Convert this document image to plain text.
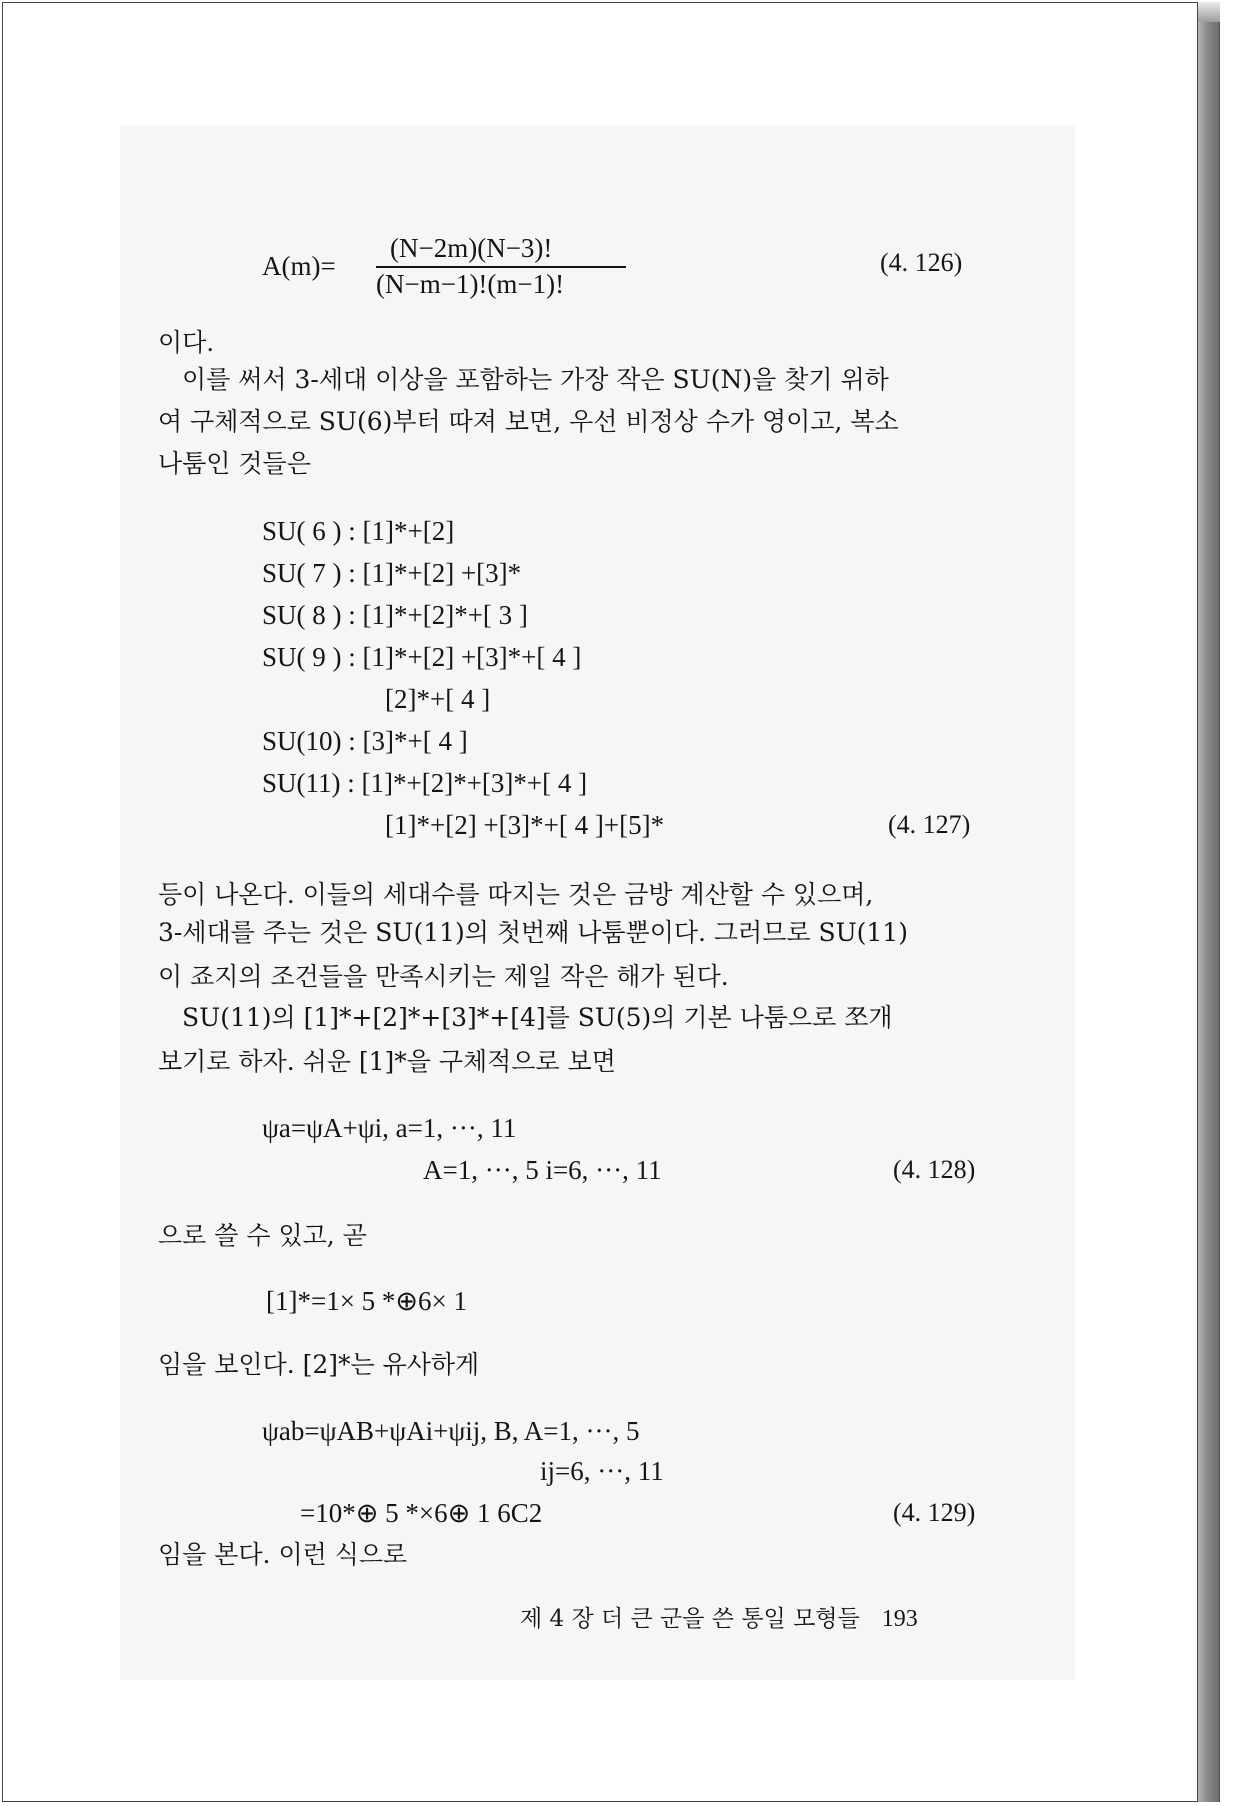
A(m)=
(N−2m)(N−3)!
(N−m−1)!(m−1)!
(4. 126)
이다.
이를 써서 3-세대 이상을 포함하는 가장 작은 SU(N)을 찾기 위하
여 구체적으로 SU(6)부터 따져 보면, 우선 비정상 수가 영이고, 복소
나툼인 것들은
SU( 6 ) : [1]*+[2]
SU( 7 ) : [1]*+[2] +[3]*
SU( 8 ) : [1]*+[2]*+[ 3 ]
SU( 9 ) : [1]*+[2] +[3]*+[ 4 ]
[2]*+[ 4 ]
SU(10) : [3]*+[ 4 ]
SU(11) : [1]*+[2]*+[3]*+[ 4 ]
[1]*+[2] +[3]*+[ 4 ]+[5]*	(4. 127)
등이 나온다. 이들의 세대수를 따지는 것은 금방 계산할 수 있으며,
3-세대를 주는 것은 SU(11)의 첫번째 나툼뿐이다. 그러므로 SU(11)
이 죠지의 조건들을 만족시키는 제일 작은 해가 된다.
SU(11)의 [1]*+[2]*+[3]*+[4]를 SU(5)의 기본 나툼으로 쪼개
보기로 하자. 쉬운 [1]*을 구체적으로 보면
ψa=ψA+ψi, a=1, ···, 11
A=1, ···, 5 i=6, ···, 11	(4. 128)
으로 쓸 수 있고, 곧
[1]*=1× 5 *⊕6× 1
임을 보인다. [2]*는 유사하게
ψab=ψAB+ψAi+ψij, B, A=1, ···, 5
ij=6, ···, 11
=10*⊕ 5 *×6⊕ 1 6C2	(4. 129)
임을 본다. 이런 식으로
제 4 장 더 큰 군을 쓴 통일 모형들 193
